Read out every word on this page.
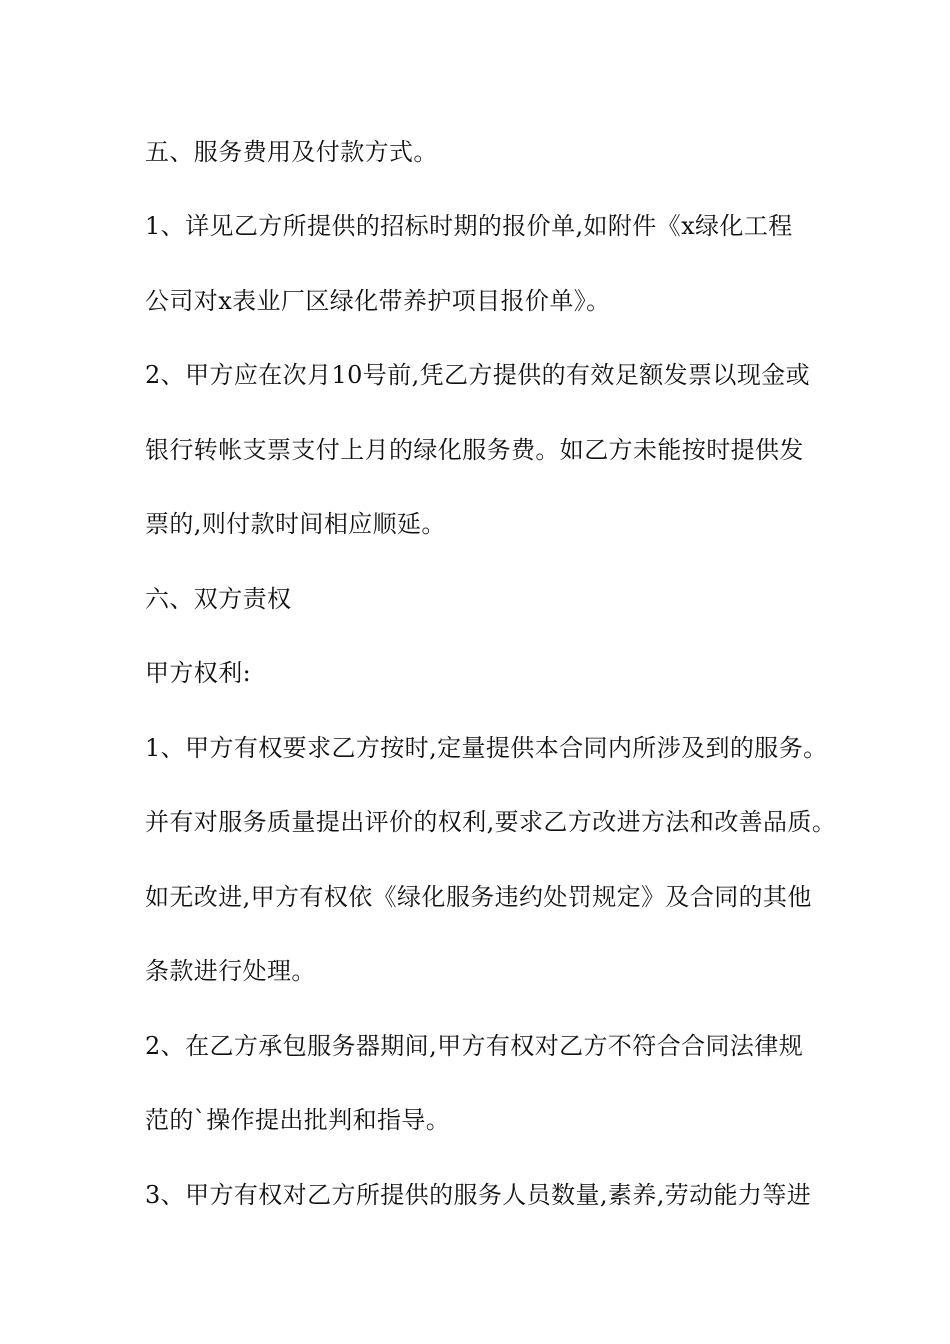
五、服务费用及付款方式。
1、详见乙方所提供的招标时期的报价单,如附件《x绿化工程
公司对x表业厂区绿化带养护项目报价单》。
2、甲方应在次月10号前,凭乙方提供的有效足额发票以现金或
银行转帐支票支付上月的绿化服务费。如乙方未能按时提供发
票的,则付款时间相应顺延。
六、双方责权
甲方权利:
1、甲方有权要求乙方按时,定量提供本合同内所涉及到的服务。
并有对服务质量提出评价的权利,要求乙方改进方法和改善品质。
如无改进,甲方有权依《绿化服务违约处罚规定》及合同的其他
条款进行处理。
2、在乙方承包服务器期间,甲方有权对乙方不符合合同法律规
范的`操作提出批判和指导。
3、甲方有权对乙方所提供的服务人员数量,素养,劳动能力等进
